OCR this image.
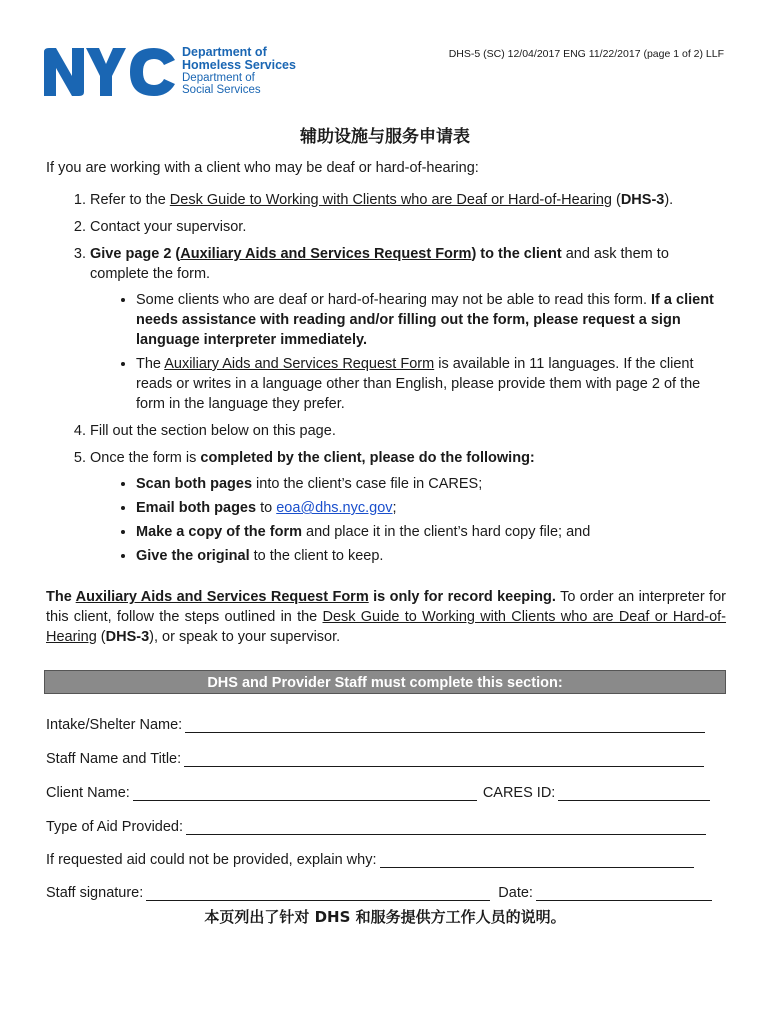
Department of
Homeless Services
Department of
Social Services
DHS-5 (SC) 12/04/2017 ENG 11/22/2017 (page 1 of 2) LLF
辅助设施与服务申请表
If you are working with a client who may be deaf or hard-of-hearing:
1. Refer to the Desk Guide to Working with Clients who are Deaf or Hard-of-Hearing (DHS-3).
2. Contact your supervisor.
3. Give page 2 (Auxiliary Aids and Services Request Form) to the client and ask them to complete the form.
• Some clients who are deaf or hard-of-hearing may not be able to read this form. If a client needs assistance with reading and/or filling out the form, please request a sign language interpreter immediately.
• The Auxiliary Aids and Services Request Form is available in 11 languages. If the client reads or writes in a language other than English, please provide them with page 2 of the form in the language they prefer.
4. Fill out the section below on this page.
5. Once the form is completed by the client, please do the following:
• Scan both pages into the client’s case file in CARES;
• Email both pages to eoa@dhs.nyc.gov;
• Make a copy of the form and place it in the client’s hard copy file; and
• Give the original to the client to keep.
The Auxiliary Aids and Services Request Form is only for record keeping. To order an interpreter for this client, follow the steps outlined in the Desk Guide to Working with Clients who are Deaf or Hard-of-Hearing (DHS-3), or speak to your supervisor.
DHS and Provider Staff must complete this section:
Intake/Shelter Name:
Staff Name and Title:
Client Name:	CARES ID:
Type of Aid Provided:
If requested aid could not be provided, explain why:
Staff signature:	Date:
本页列出了针对 DHS 和服务提供方工作人员的说明。
